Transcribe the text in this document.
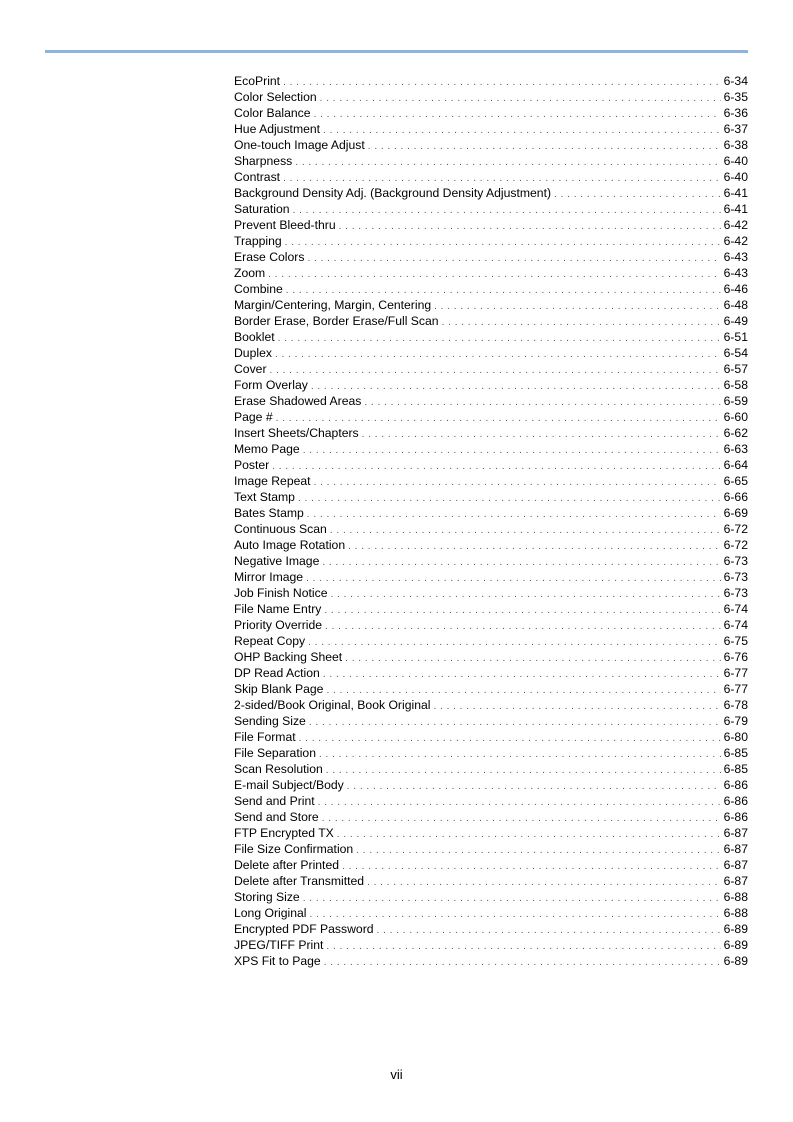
EcoPrint . . .	6-34
Color Selection . . .	6-35
Color Balance . . .	6-36
Hue Adjustment . . .	6-37
One-touch Image Adjust . . .	6-38
Sharpness . . .	6-40
Contrast . . .	6-40
Background Density Adj. (Background Density Adjustment) . . .	6-41
Saturation . . .	6-41
Prevent Bleed-thru . . .	6-42
Trapping . . .	6-42
Erase Colors . . .	6-43
Zoom . . .	6-43
Combine . . .	6-46
Margin/Centering, Margin, Centering . . .	6-48
Border Erase, Border Erase/Full Scan . . .	6-49
Booklet . . .	6-51
Duplex . . .	6-54
Cover . . .	6-57
Form Overlay . . .	6-58
Erase Shadowed Areas . . .	6-59
Page # . . .	6-60
Insert Sheets/Chapters . . .	6-62
Memo Page . . .	6-63
Poster . . .	6-64
Image Repeat . . .	6-65
Text Stamp . . .	6-66
Bates Stamp . . .	6-69
Continuous Scan . . .	6-72
Auto Image Rotation . . .	6-72
Negative Image . . .	6-73
Mirror Image . . .	6-73
Job Finish Notice . . .	6-73
File Name Entry . . .	6-74
Priority Override . . .	6-74
Repeat Copy . . .	6-75
OHP Backing Sheet . . .	6-76
DP Read Action . . .	6-77
Skip Blank Page . . .	6-77
2-sided/Book Original, Book Original . . .	6-78
Sending Size . . .	6-79
File Format . . .	6-80
File Separation . . .	6-85
Scan Resolution . . .	6-85
E-mail Subject/Body . . .	6-86
Send and Print . . .	6-86
Send and Store . . .	6-86
FTP Encrypted TX . . .	6-87
File Size Confirmation . . .	6-87
Delete after Printed . . .	6-87
Delete after Transmitted . . .	6-87
Storing Size . . .	6-88
Long Original . . .	6-88
Encrypted PDF Password . . .	6-89
JPEG/TIFF Print . . .	6-89
XPS Fit to Page . . .	6-89
vii
